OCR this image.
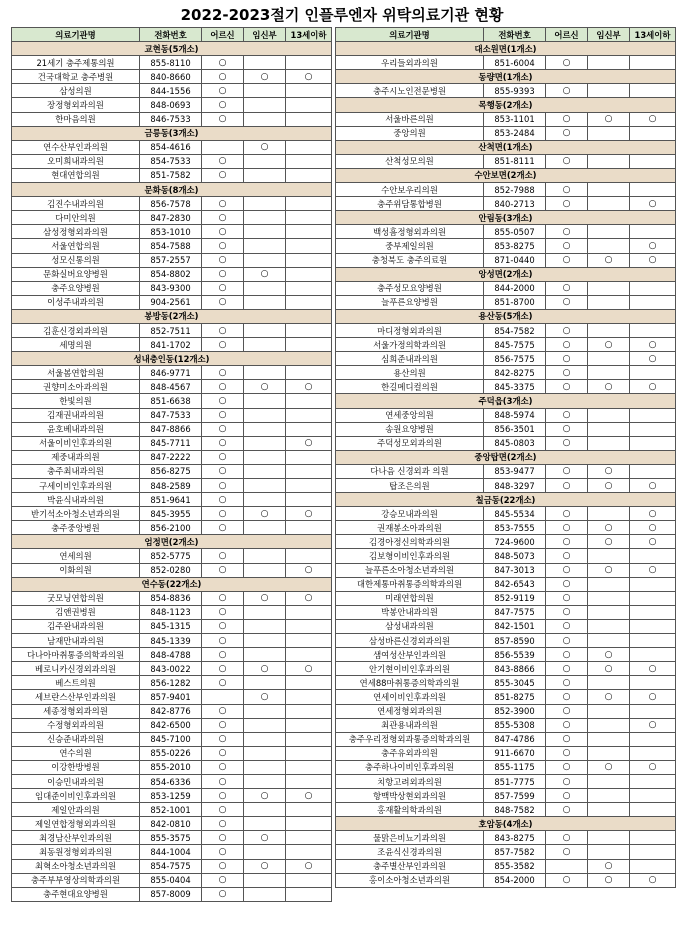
2022-2023절기 인플루엔자 위탁의료기관 현황
의료기관명	전화번호	어르신	임신부	13세이하
교현동(5개소)				
21세기 충주제통의원	855-8110	○		
건국대학교 충주병원	840-8660	○	○	○
삼성의원	844-1556	○		
장정형외과의원	848-0693	○		
한마음의원	846-7533	○		
금릉동(3개소)				
연수산부인과의원	854-4616		○	
오미희내과의원	854-7533	○		
현대연합의원	851-7582	○		
문화동(8개소)				
김진수내과의원	856-7578	○		
다미안의원	847-2830	○		
삼성정형외과의원	853-1010	○		
서울연합의원	854-7588	○		
성모신통의원	857-2557	○		
문화실버요양병원	854-8802	○	○	
충주요양병원	843-9300	○		
이성주내과의원	904-2561	○		
봉방동(2개소)				
김훈신경외과의원	852-7511	○		
세명의원	841-1702	○		
성내충인동(12개소)				
서울봄연합의원	846-9771	○		
권향미소아과의원	848-4567	○	○	○
한빛의원	851-6638	○		
김재권내과의원	847-7533	○		
윤호베내과의원	847-8866	○		
서울이비인후과의원	845-7711	○		○
제중내과의원	847-2222	○		
충주최내과의원	856-8275	○		
구세이비인후과의원	848-2589	○		
박윤식내과의원	851-9641	○		
반기석소아청소년과의원	845-3955	○	○	○
충주중앙병원	856-2100	○		
엄정면(2개소)				
연세의원	852-5775	○		
이화의원	852-0280	○		○
연수동(22개소)				
굿모닝연합의원	854-8836	○	○	○
김앤권병원	848-1123	○		
김주완내과의원	845-1315	○		
남재만내과의원	845-1339	○		
다나아마취통증의학과의원	848-4788	○		
베로니카신경외과의원	843-0022	○	○	○
베스트의원	856-1282	○		
세브란스산부인과의원	857-9401		○	
세종정형외과의원	842-8776	○		
수정형외과의원	842-6500	○		
신승준내과의원	845-7100	○		
연수의원	855-0226	○		
이강한방병원	855-2010	○		
이승민내과의원	854-6336	○		
임대준이비인후과의원	853-1259	○	○	○
제일안과의원	852-1001	○		
제일연합정형외과의원	842-0810	○		
최경남산부인과의원	855-3575	○	○	
최동원정형외과의원	844-1004	○		
최혁소아청소년과의원	854-7575	○	○	○
충주부부영상의학과의원	855-0404	○		
충주현대요양병원	857-8009	○		
의료기관명	전화번호	어르신	임신부	13세이하
대소원면(1개소)				
우리들외과의원	851-6004	○		
동량면(1개소)				
충주시노인전문병원	855-9393	○		
목행동(2개소)				
서울바른의원	853-1101	○	○	○
중앙의원	853-2484	○		
산척면(1개소)				
산척성모의원	851-8111	○		
수안보면(2개소)				
수안보우리의원	852-7988	○		
충주위담통합병원	840-2713	○		○
안림동(3개소)				
백성흠정형외과의원	855-0507	○		
중부제일의원	853-8275	○		○
충청북도 충주의료원	871-0440	○	○	○
앙성면(2개소)				
충주성모요양병원	844-2000	○		
늘푸른요양병원	851-8700	○		
용산동(5개소)				
마디정형외과의원	854-7582	○		
서울가정의학과의원	845-7575	○	○	○
심희준내과의원	856-7575	○		○
용산의원	842-8275	○		
한길메디컬의원	845-3375	○	○	○
주덕읍(3개소)				
연세중앙의원	848-5974	○		
송원요양병원	856-3501	○		
주덕성모외과의원	845-0803	○		
중앙탑면(2개소)				
다나음 신경외과 의원	853-9477	○	○	
탑조은의원	848-3297	○	○	○
칠금동(22개소)				
강승모내과의원	845-5534	○		○
권재봉소아과의원	853-7555	○	○	○
김경아정신의학과의원	724-9600	○	○	○
김보형이비인후과의원	848-5073	○		
늘푸른소아청소년과의원	847-3013	○	○	○
대한제통마취통증의학과의원	842-6543	○		
미래연합의원	852-9119	○		
박봉안내과의원	847-7575	○		
삼성내과의원	842-1501	○		
삼성바른신경외과의원	857-8590	○		
샘여성산부인과의원	856-5539	○	○	
안기현이비인후과의원	843-8866	○	○	○
연세88마취통증의학과의원	855-3045	○		
연세이비인후과의원	851-8275	○	○	○
연세정형외과의원	852-3900	○		
최관용내과의원	855-5308	○		○
충주우리정형외과통증의학과의원	847-4786	○		
충주유외과의원	911-6670	○		
충주하나이비인후과의원	855-1175	○	○	○
치항고려외과의원	851-7775	○		
항맥박상현외과의원	857-7599	○		
홍재활의학과의원	848-7582	○		
호암동(4개소)				
물맑은비뇨기과의원	843-8275	○		
조윤식신경과의원	857-7582	○		
충주별산부인과의원	855-3582		○	
홍이소아청소년과의원	854-2000	○	○	○
